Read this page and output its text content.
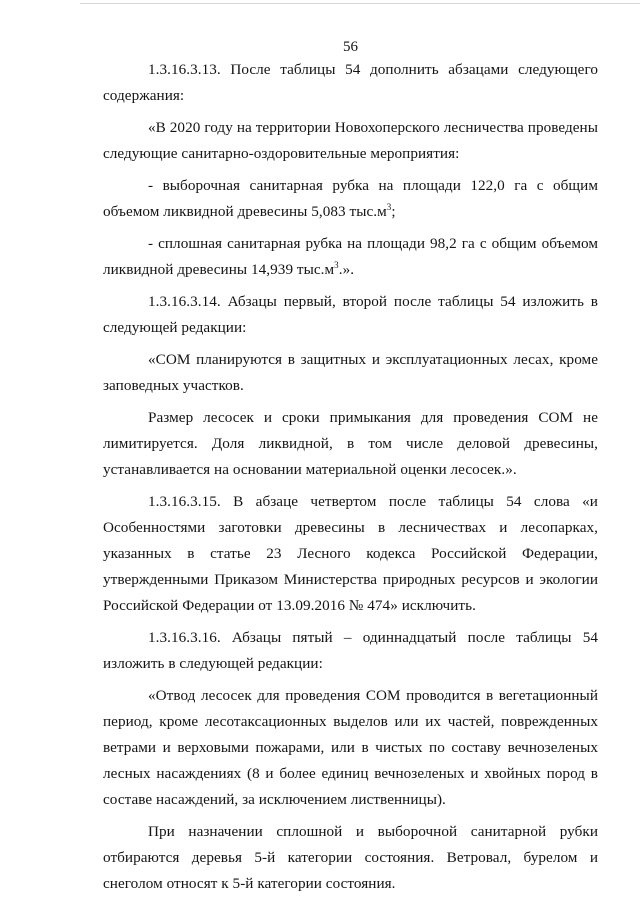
56

1.3.16.3.13. После таблицы 54 дополнить абзацами следующего содержания:

«В 2020 году на территории Новохоперского лесничества проведены следующие санитарно-оздоровительные мероприятия:

- выборочная санитарная рубка на площади 122,0 га с общим объемом ликвидной древесины 5,083 $тыс.м^3$;

- сплошная санитарная рубка на площади 98,2 га с общим объемом ликвидной древесины 14,939 $тыс.м^3$.».

1.3.16.3.14. Абзацы первый, второй после таблицы 54 изложить в следующей редакции:

«СОМ планируются в защитных и эксплуатационных лесах, кроме заповедных участков.

Размер лесосек и сроки примыкания для проведения СОМ не лимитируется. Доля ликвидной, в том числе деловой древесины, устанавливается на основании материальной оценки лесосек.».

1.3.16.3.15. В абзаце четвертом после таблицы 54 слова «и Особенностями заготовки древесины в лесничествах и лесопарках, указанных в статье 23 Лесного кодекса Российской Федерации, утвержденными Приказом Министерства природных ресурсов и экологии Российской Федерации от 13.09.2016 № 474» исключить.

1.3.16.3.16. Абзацы пятый – одиннадцатый после таблицы 54 изложить в следующей редакции:

«Отвод лесосек для проведения СОМ проводится в вегетационный период, кроме лесотаксационных выделов или их частей, поврежденных ветрами и верховыми пожарами, или в чистых по составу вечнозеленых лесных насаждениях (8 и более единиц вечнозеленых и хвойных пород в составе насаждений, за исключением лиственницы).

При назначении сплошной и выборочной санитарной рубки отбираются деревья 5-й категории состояния. Ветровал, бурелом и снеголом относят к 5-й категории состояния.
